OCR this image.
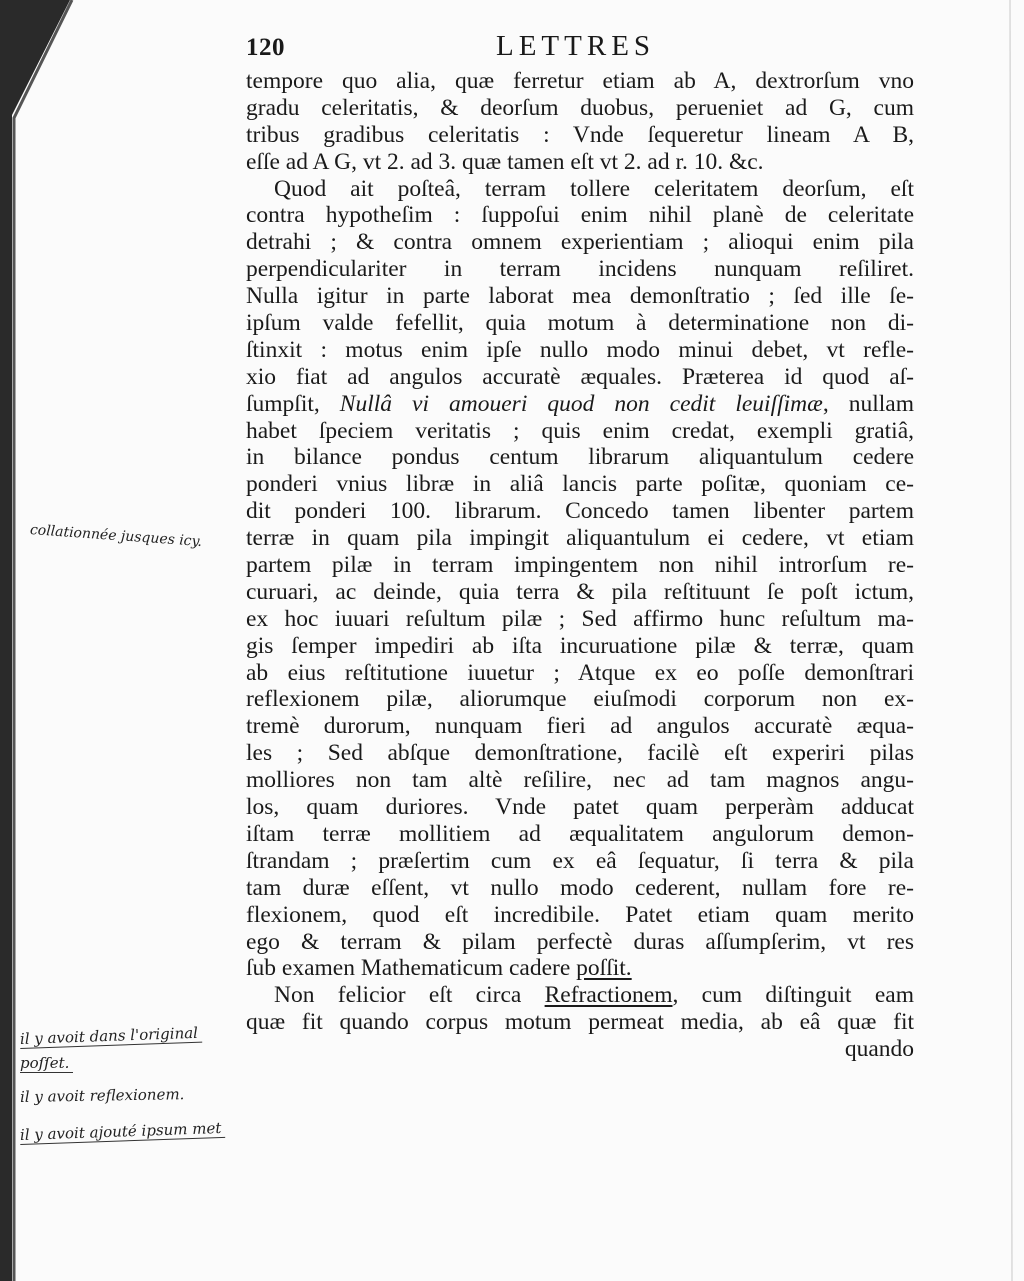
120	LETTRES
tempore quo alia, quæ ferretur etiam ab A, dextrorſum vno
gradu celeritatis, & deorſum duobus, perueniet ad G, cum
tribus gradibus celeritatis : Vnde ſequeretur lineam A B,
eſſe ad A G, vt 2. ad 3. quæ tamen eſt vt 2. ad r. 10. &c.
Quod ait poſteâ, terram tollere celeritatem deorſum, eſt
contra hypotheſim : ſuppoſui enim nihil planè de celeritate
detrahi ; & contra omnem experientiam ; alioqui enim pila
perpendiculariter in terram incidens nunquam reſiliret.
Nulla igitur in parte laborat mea demonſtratio ; ſed ille ſe-
ipſum valde fefellit, quia motum à determinatione non di-
ſtinxit : motus enim ipſe nullo modo minui debet, vt refle-
xio fiat ad angulos accuratè æquales. Præterea id quod aſ-
ſumpſit, Nullâ vi amoueri quod non cedit leuiſſimæ, nullam
habet ſpeciem veritatis ; quis enim credat, exempli gratiâ,
in bilance pondus centum librarum aliquantulum cedere
ponderi vnius libræ in aliâ lancis parte poſitæ, quoniam ce-
dit ponderi 100. librarum. Concedo tamen libenter partem
terræ in quam pila impingit aliquantulum ei cedere, vt etiam
partem pilæ in terram impingentem non nihil introrſum re-
curuari, ac deinde, quia terra & pila reſtituunt ſe poſt ictum,
ex hoc iuuari reſultum pilæ ; Sed affirmo hunc reſultum ma-
gis ſemper impediri ab iſta incuruatione pilæ & terræ, quam
ab eius reſtitutione iuuetur ; Atque ex eo poſſe demonſtrari
reflexionem pilæ, aliorumque eiuſmodi corporum non ex-
tremè durorum, nunquam fieri ad angulos accuratè æqua-
les ; Sed abſque demonſtratione, facilè eſt experiri pilas
molliores non tam altè reſilire, nec ad tam magnos angu-
los, quam duriores. Vnde patet quam perperàm adducat
iſtam terræ mollitiem ad æqualitatem angulorum demon-
ſtrandam ; præſertim cum ex eâ ſequatur, ſi terra & pila
tam duræ eſſent, vt nullo modo cederent, nullam fore re-
flexionem, quod eſt incredibile. Patet etiam quam merito
ego & terram & pilam perfectè duras aſſumpſerim, vt res
ſub examen Mathematicum cadere poſſit.
Non felicior eſt circa Refractionem, cum diſtinguit eam
quæ fit quando corpus motum permeat media, ab eâ quæ fit
quando
collationnée jusques icy.
il y avoit dans l'original
poſſet.
il y avoit reflexionem.
il y avoit ajouté ipsum met
